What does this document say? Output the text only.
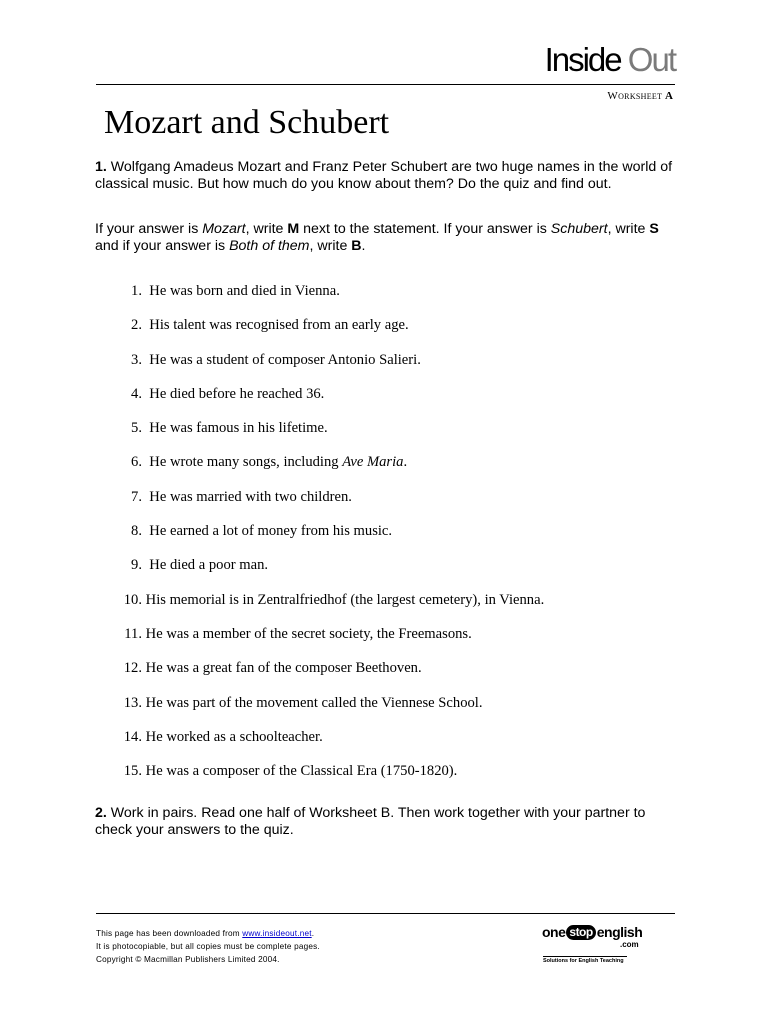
Inside Out
Worksheet A
Mozart and Schubert

1. Wolfgang Amadeus Mozart and Franz Peter Schubert are two huge names in the world of classical music. But how much do you know about them? Do the quiz and find out.

If your answer is Mozart, write M next to the statement. If your answer is Schubert, write S and if your answer is Both of them, write B.

1. He was born and died in Vienna.
2. His talent was recognised from an early age.
3. He was a student of composer Antonio Salieri.
4. He died before he reached 36.
5. He was famous in his lifetime.
6. He wrote many songs, including Ave Maria.
7. He was married with two children.
8. He earned a lot of money from his music.
9. He died a poor man.
10. His memorial is in Zentralfriedhof (the largest cemetery), in Vienna.
11. He was a member of the secret society, the Freemasons.
12. He was a great fan of the composer Beethoven.
13. He was part of the movement called the Viennese School.
14. He worked as a schoolteacher.
15. He was a composer of the Classical Era (1750-1820).

2. Work in pairs. Read one half of Worksheet B. Then work together with your partner to check your answers to the quiz.

This page has been downloaded from www.insideout.net.
It is photocopiable, but all copies must be complete pages.
Copyright © Macmillan Publishers Limited 2004.
one stop english
.com
Solutions for English Teaching
